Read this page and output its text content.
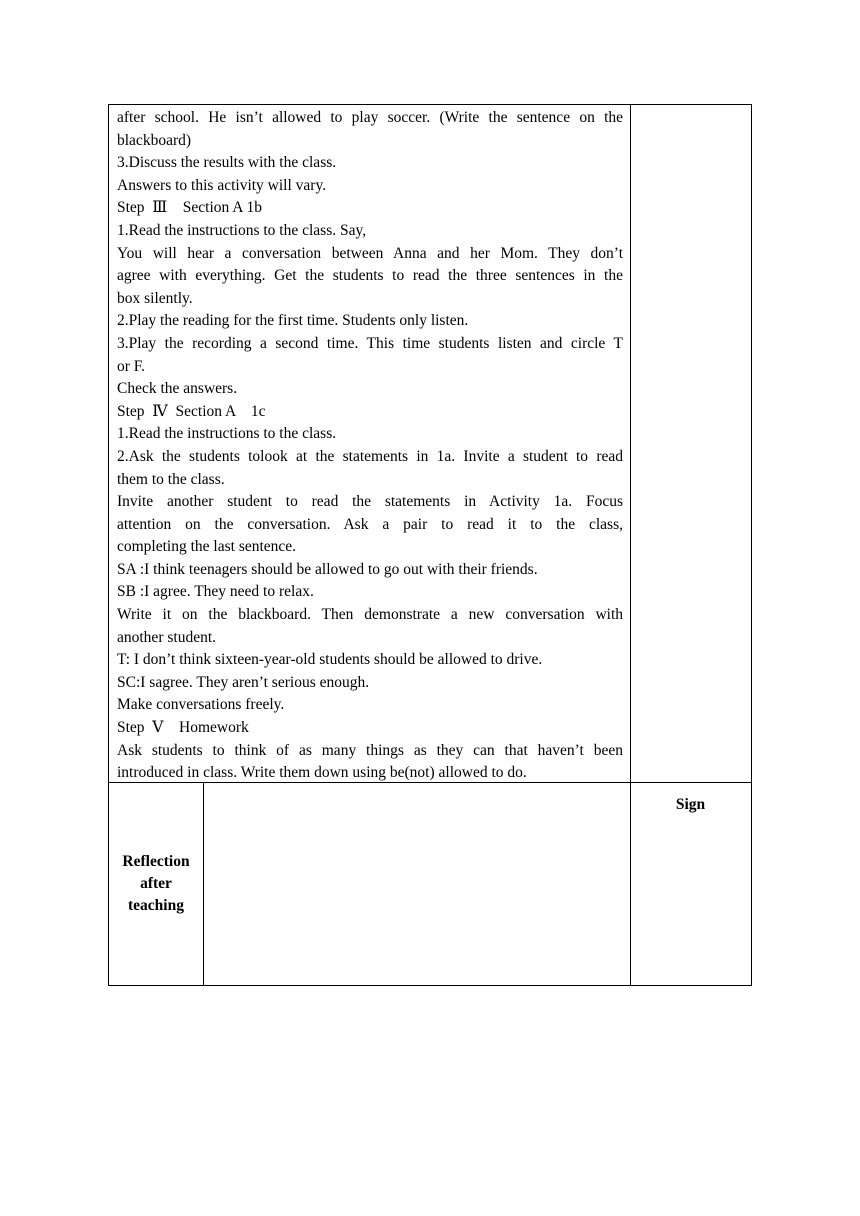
after school. He isn’t allowed to play soccer. (Write the sentence on the
blackboard)
3.Discuss the results with the class.
Answers to this activity will vary.
Step  Ⅲ    Section A 1b
1.Read the instructions to the class. Say,
You will hear a conversation between Anna and her Mom. They don’t
agree with everything. Get the students to read the three sentences in the
box silently.
2.Play the reading for the first time. Students only listen.
3.Play the recording a second time. This time students listen and circle T
or F.
Check the answers.
Step  Ⅳ  Section A    1c
1.Read the instructions to the class.
2.Ask the students tolook at the statements in 1a. Invite a student to read
them to the class.
Invite another student to read the statements in Activity 1a. Focus
attention on the conversation. Ask a pair to read it to the class,
completing the last sentence.
SA :I think teenagers should be allowed to go out with their friends.
SB :I agree. They need to relax.
Write it on the blackboard. Then demonstrate a new conversation with
another student.
T: I don’t think sixteen-year-old students should be allowed to drive.
SC:I sagree. They aren’t serious enough.
Make conversations freely.
Step  Ⅴ    Homework
Ask students to think of as many things as they can that haven’t been
introduced in class. Write them down using be(not) allowed to do.
Reflection
after
teaching
Sign
